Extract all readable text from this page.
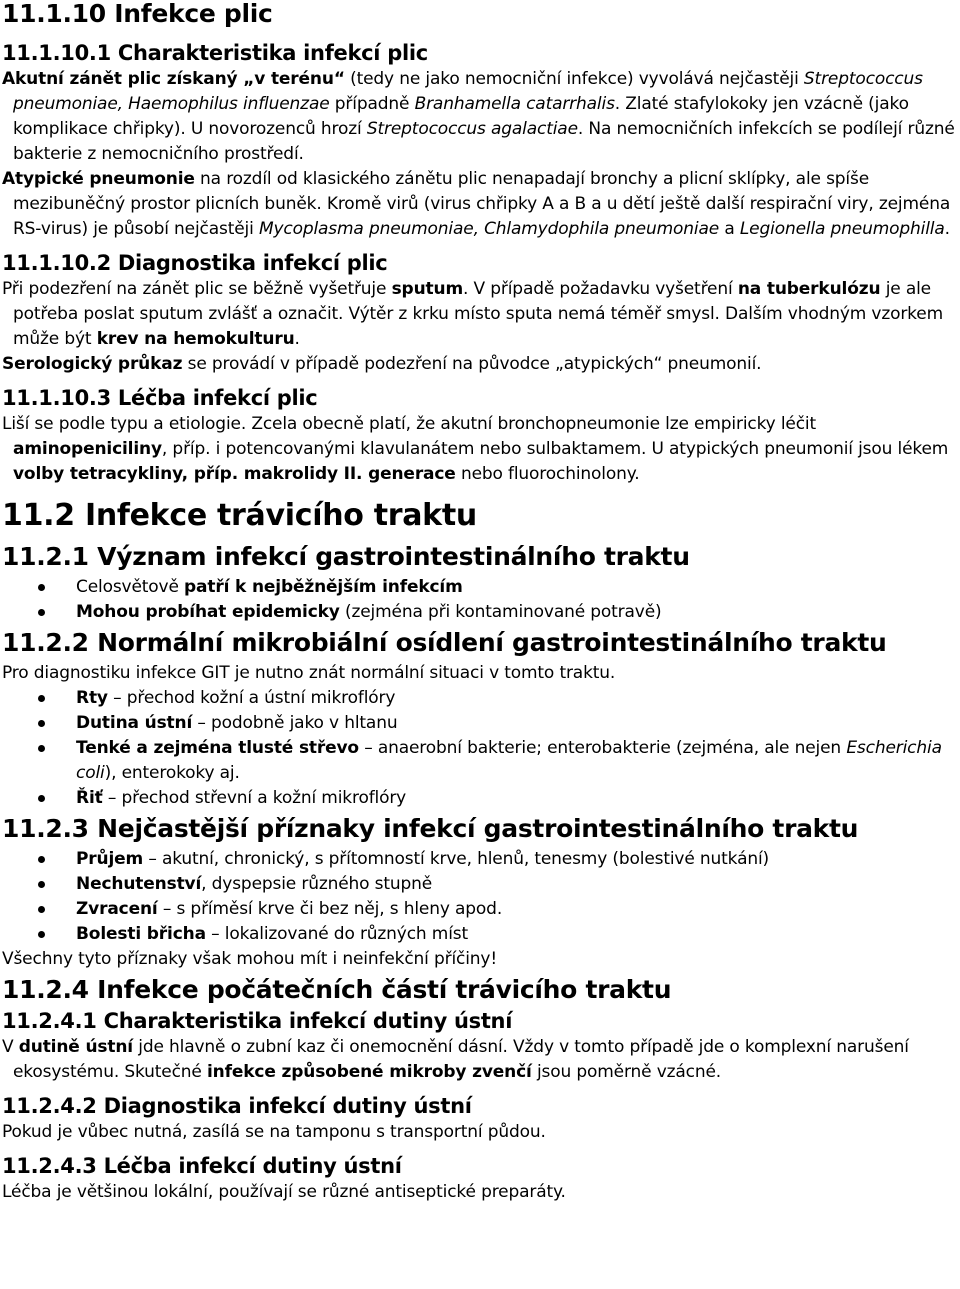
11.1.10 Infekce plic
11.1.10.1 Charakteristika infekcí plic

Akutní zánět plic získaný „v terénu“ (tedy ne jako nemocniční infekce) vyvolává nejčastěji Streptococcus pneumoniae, Haemophilus influenzae případně Branhamella catarrhalis. Zlaté stafylokoky jen vzácně (jako komplikace chřipky). U novorozenců hrozí Streptococcus agalactiae. Na nemocničních infekcích se podílejí různé bakterie z nemocničního prostředí.

Atypické pneumonie na rozdíl od klasického zánětu plic nenapadají bronchy a plicní sklípky, ale spíše mezibuněčný prostor plicních buněk. Kromě virů (virus chřipky A a B a u dětí ještě další respirační viry, zejména RS-virus) je působí nejčastěji Mycoplasma pneumoniae, Chlamydophila pneumoniae a Legionella pneumophilla.

11.1.10.2 Diagnostika infekcí plic

Při podezření na zánět plic se běžně vyšetřuje sputum. V případě požadavku vyšetření na tuberkulózu je ale potřeba poslat sputum zvlášť a označit. Výtěr z krku místo sputa nemá téměř smysl. Dalším vhodným vzorkem může být krev na hemokulturu.

Serologický průkaz se provádí v případě podezření na původce „atypických“ pneumonií.

11.1.10.3 Léčba infekcí plic

Liší se podle typu a etiologie. Zcela obecně platí, že akutní bronchopneumonie lze empiricky léčit aminopeniciliny, příp. i potencovanými klavulanátem nebo sulbaktamem. U atypických pneumonií jsou lékem volby tetracykliny, příp. makrolidy II. generace nebo fluorochinolony.

11.2 Infekce trávicího traktu
11.2.1 Význam infekcí gastrointestinálního traktu
Celosvětově patří k nejběžnějším infekcím
Mohou probíhat epidemicky (zejména při kontaminované potravě)
11.2.2 Normální mikrobiální osídlení gastrointestinálního traktu

Pro diagnostiku infekce GIT je nutno znát normální situaci v tomto traktu.

Rty – přechod kožní a ústní mikroflóry
Dutina ústní – podobně jako v hltanu
Tenké a zejména tlusté střevo – anaerobní bakterie; enterobakterie (zejména, ale nejen Escherichia coli), enterokoky aj.
Řiť – přechod střevní a kožní mikroflóry
11.2.3 Nejčastější příznaky infekcí gastrointestinálního traktu
Průjem – akutní, chronický, s přítomností krve, hlenů, tenesmy (bolestivé nutkání)
Nechutenství, dyspepsie různého stupně
Zvracení – s příměsí krve či bez něj, s hleny apod.
Bolesti břicha – lokalizované do různých míst

Všechny tyto příznaky však mohou mít i neinfekční příčiny!

11.2.4 Infekce počátečních částí trávicího traktu
11.2.4.1 Charakteristika infekcí dutiny ústní

V dutině ústní jde hlavně o zubní kaz či onemocnění dásní. Vždy v tomto případě jde o komplexní narušení ekosystému. Skutečné infekce způsobené mikroby zvenčí jsou poměrně vzácné.

11.2.4.2 Diagnostika infekcí dutiny ústní

Pokud je vůbec nutná, zasílá se na tamponu s transportní půdou.

11.2.4.3 Léčba infekcí dutiny ústní

Léčba je většinou lokální, používají se různé antiseptické preparáty.
